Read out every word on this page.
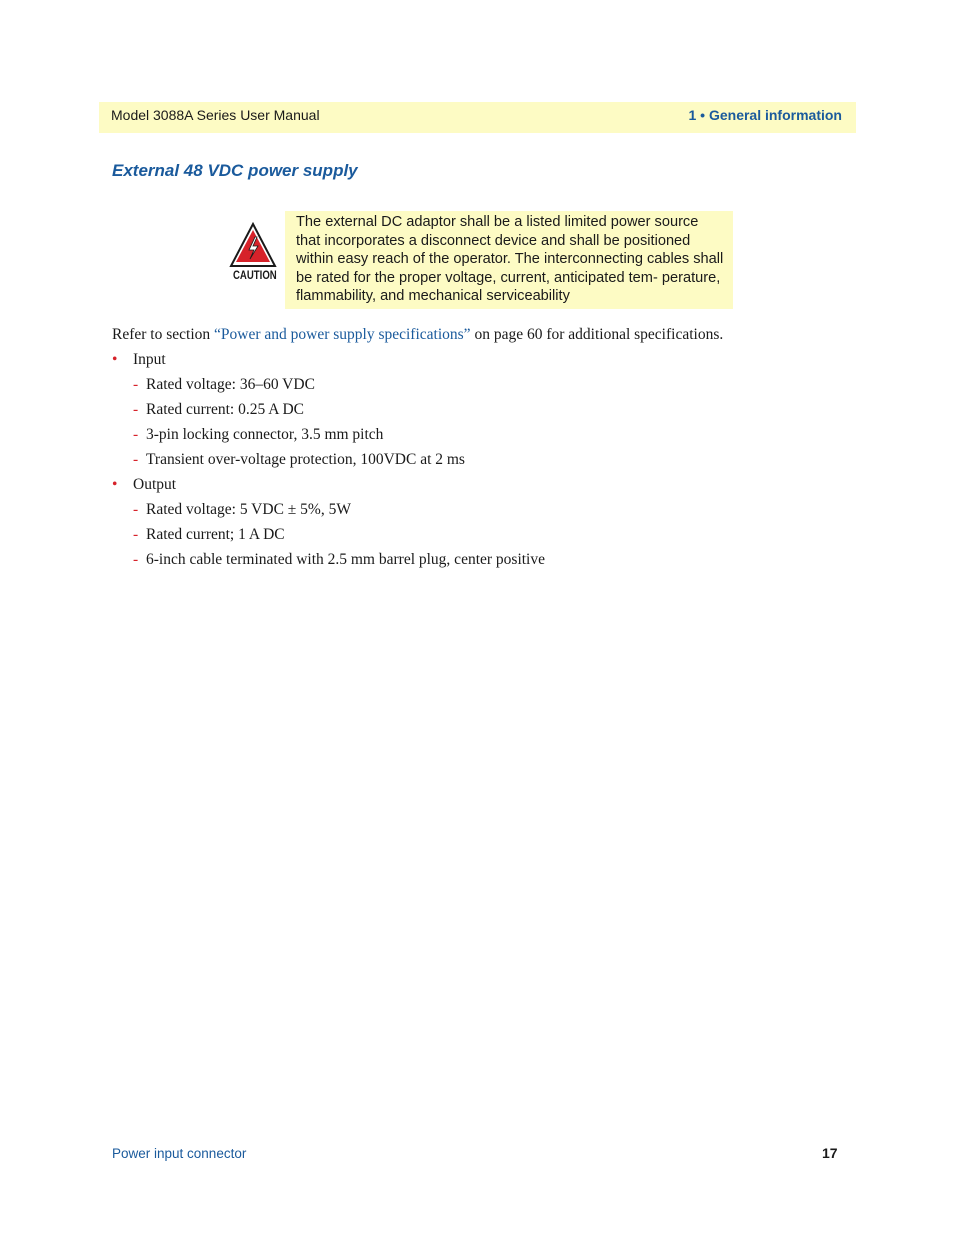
Model 3088A Series User Manual	1 • General information
External 48 VDC power supply
CAUTION
The external DC adaptor shall be a listed limited power source that incorporates a disconnect device and shall be positioned within easy reach of the operator. The interconnecting cables shall be rated for the proper voltage, current, anticipated tem- perature, flammability, and mechanical serviceability
Refer to section “Power and power supply specifications” on page 60 for additional specifications.
• Input
- Rated voltage: 36–60 VDC
- Rated current: 0.25 A DC
- 3-pin locking connector, 3.5 mm pitch
- Transient over-voltage protection, 100VDC at 2 ms
• Output
- Rated voltage: 5 VDC ± 5%, 5W
- Rated current; 1 A DC
- 6-inch cable terminated with 2.5 mm barrel plug, center positive
Power input connector	17
